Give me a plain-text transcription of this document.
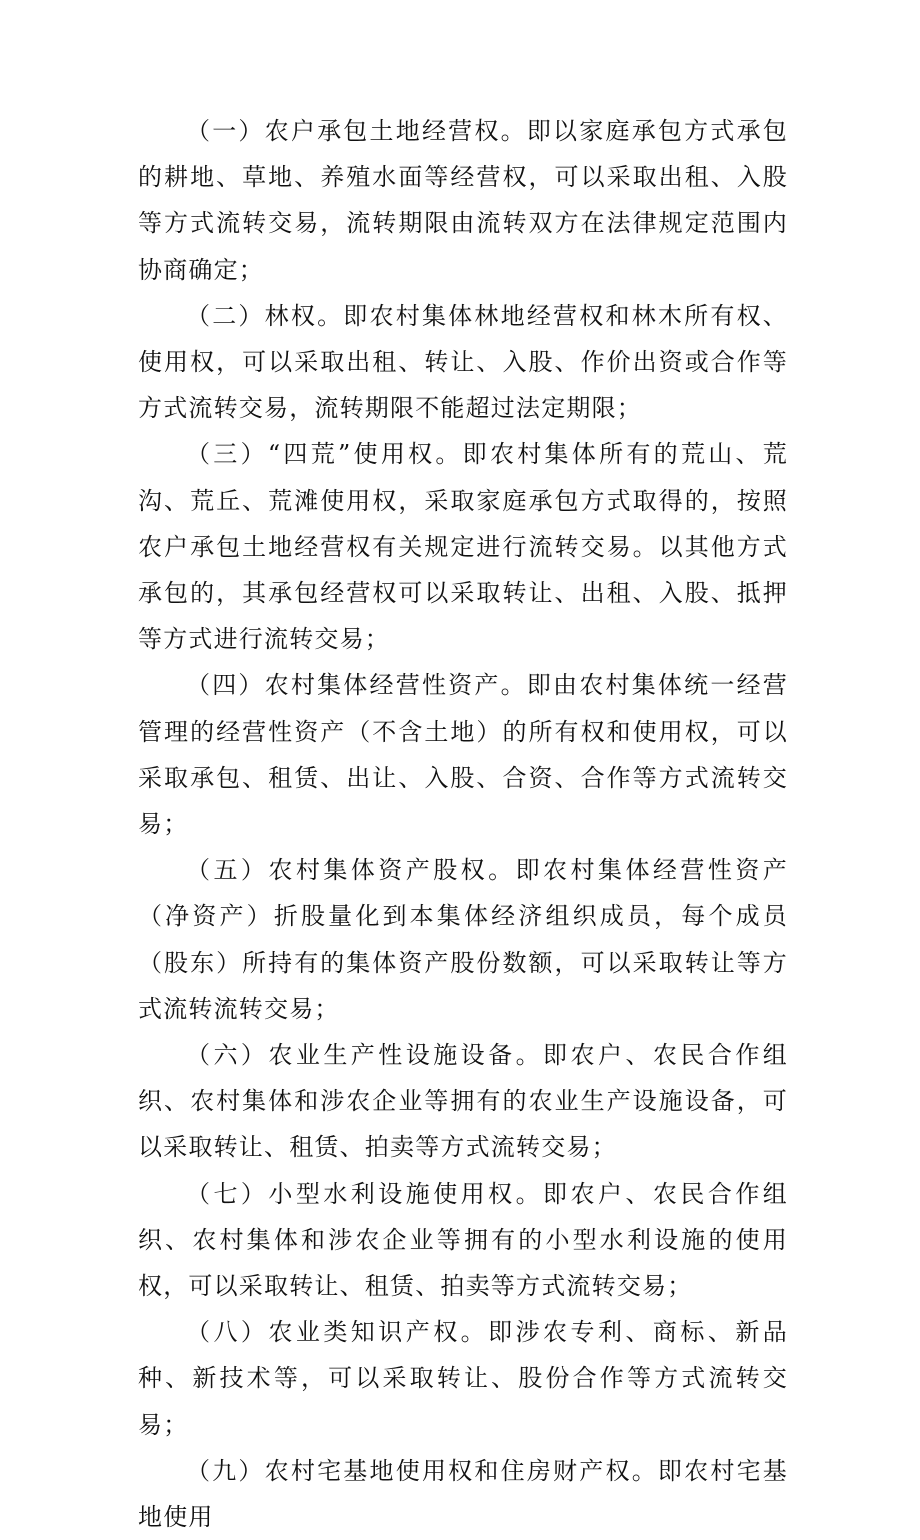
（一）农户承包土地经营权。即以家庭承包方式承包的耕地、草地、养殖水面等经营权，可以采取出租、入股等方式流转交易，流转期限由流转双方在法律规定范围内协商确定；

（二）林权。即农村集体林地经营权和林木所有权、使用权，可以采取出租、转让、入股、作价出资或合作等方式流转交易，流转期限不能超过法定期限；

（三）“四荒”使用权。即农村集体所有的荒山、荒沟、荒丘、荒滩使用权，采取家庭承包方式取得的，按照农户承包土地经营权有关规定进行流转交易。以其他方式承包的，其承包经营权可以采取转让、出租、入股、抵押等方式进行流转交易；

（四）农村集体经营性资产。即由农村集体统一经营管理的经营性资产（不含土地）的所有权和使用权，可以采取承包、租赁、出让、入股、合资、合作等方式流转交易；

（五）农村集体资产股权。即农村集体经营性资产（净资产）折股量化到本集体经济组织成员，每个成员（股东）所持有的集体资产股份数额，可以采取转让等方式流转流转交易；

（六）农业生产性设施设备。即农户、农民合作组织、农村集体和涉农企业等拥有的农业生产设施设备，可以采取转让、租赁、拍卖等方式流转交易；

（七）小型水利设施使用权。即农户、农民合作组织、农村集体和涉农企业等拥有的小型水利设施的使用权，可以采取转让、租赁、拍卖等方式流转交易；

（八）农业类知识产权。即涉农专利、商标、新品种、新技术等，可以采取转让、股份合作等方式流转交易；

（九）农村宅基地使用权和住房财产权。即农村宅基地使用
